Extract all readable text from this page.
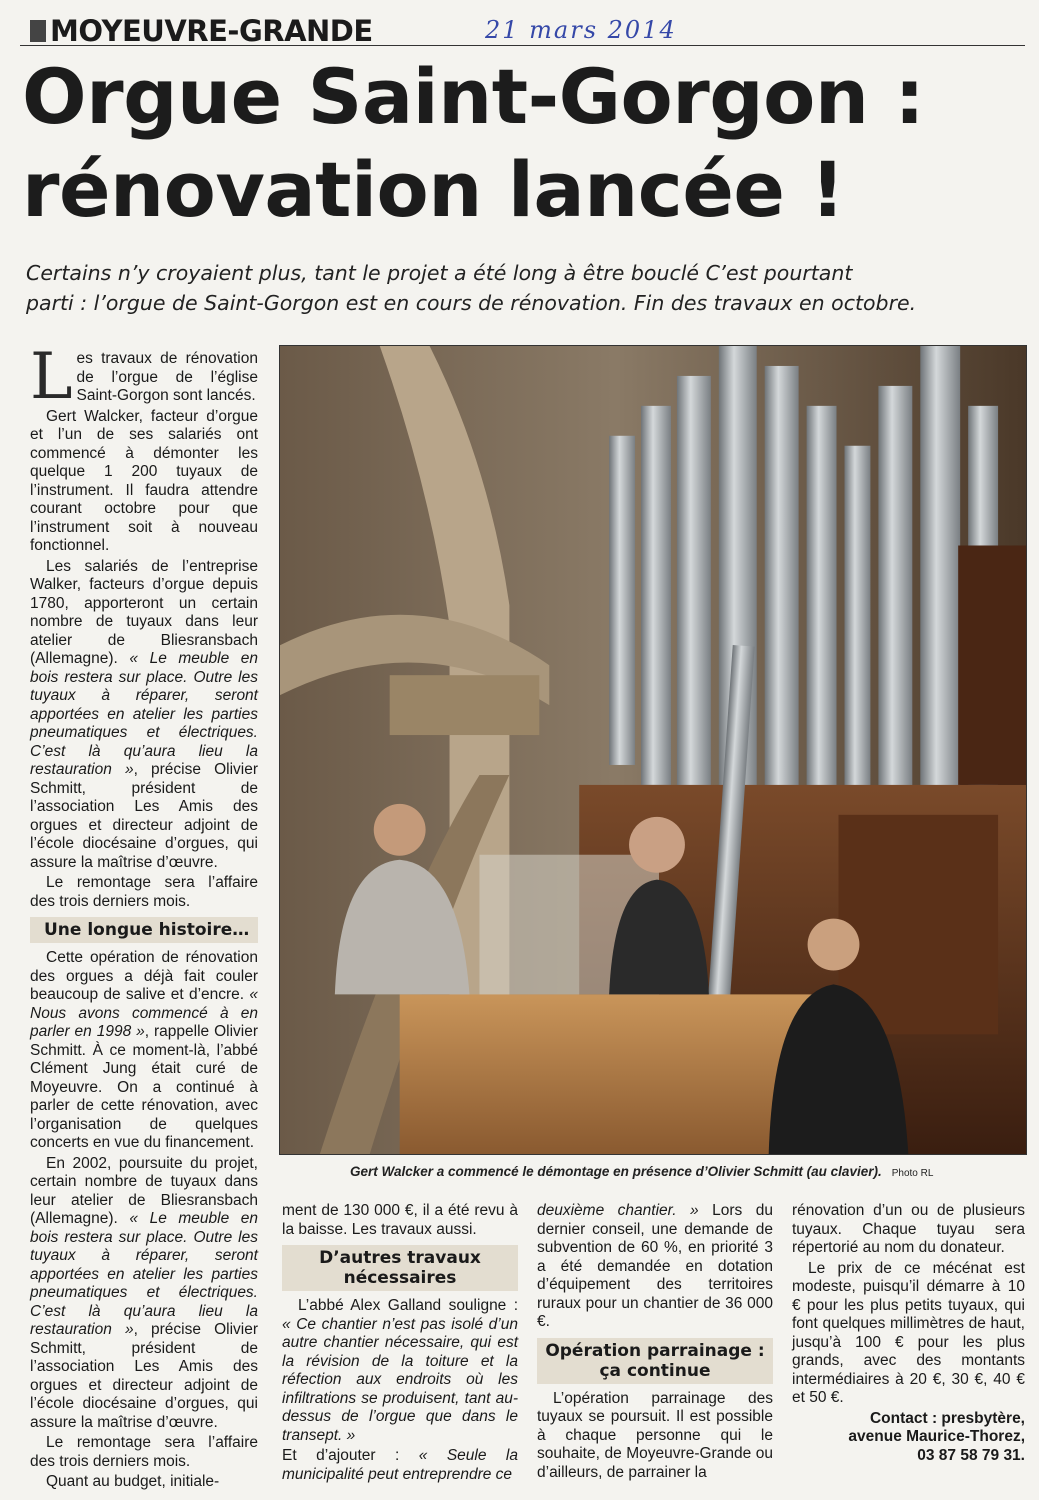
MOYEUVRE-GRANDE	21 mars 2014
Orgue Saint-Gorgon :
rénovation lancée !
Certains n’y croyaient plus, tant le projet a été long à être bouclé C’est pourtant
parti : l’orgue de Saint-Gorgon est en cours de rénovation. Fin des travaux en octobre.

Les travaux de rénovation de l’orgue de l’église Saint-Gorgon sont lancés.

Gert Walcker, facteur d’orgue et l’un de ses salariés ont commencé à démonter les quelque 1 200 tuyaux de l’instrument. Il faudra attendre courant octobre pour que l’instrument soit à nouveau fonctionnel.

Les salariés de l’entreprise Walker, facteurs d’orgue depuis 1780, apporteront un certain nombre de tuyaux dans leur atelier de Bliesransbach (Allemagne). « Le meuble en bois restera sur place. Outre les tuyaux à réparer, seront apportées en atelier les parties pneumatiques et électriques. C’est là qu’aura lieu la restauration », précise Olivier Schmitt, président de l’association Les Amis des orgues et directeur adjoint de l’école diocésaine d’orgues, qui assure la maîtrise d’œuvre.

Le remontage sera l’affaire des trois derniers mois.

Une longue histoire…

Cette opération de rénovation des orgues a déjà fait couler beaucoup de salive et d’encre. « Nous avons commencé à en parler en 1998 », rappelle Olivier Schmitt. À ce moment-là, l’abbé Clément Jung était curé de Moyeuvre. On a continué à parler de cette rénovation, avec l’organisation de quelques concerts en vue du financement.

En 2002, poursuite du projet, certain nombre de tuyaux dans leur atelier de Bliesransbach (Allemagne). « Le meuble en bois restera sur place. Outre les tuyaux à réparer, seront apportées en atelier les parties pneumatiques et électriques. C’est là qu’aura lieu la restauration », précise Olivier Schmitt, président de l’association Les Amis des orgues et directeur adjoint de l’école diocésaine d’orgues, qui assure la maîtrise d’œuvre.

Le remontage sera l’affaire des trois derniers mois.

Quant au budget, initiale-

Gert Walcker a commencé le démontage en présence d’Olivier Schmitt (au clavier). Photo RL

ment de 130 000 €, il a été revu à la baisse. Les travaux aussi.

D’autres travaux nécessaires

L’abbé Alex Galland souligne : « Ce chantier n’est pas isolé d’un autre chantier nécessaire, qui est la révision de la toiture et la réfection aux endroits où les infiltrations se produisent, tant au-dessus de l’orgue que dans le transept. »

Et d’ajouter : « Seule la municipalité peut entreprendre ce

deuxième chantier. » Lors du dernier conseil, une demande de subvention de 60 %, en priorité 3 a été demandée en dotation d’équipement des territoires ruraux pour un chantier de 36 000 €.

Opération parrainage : ça continue

L’opération parrainage des tuyaux se poursuit. Il est possible à chaque personne qui le souhaite, de Moyeuvre-Grande ou d’ailleurs, de parrainer la

rénovation d’un ou de plusieurs tuyaux. Chaque tuyau sera répertorié au nom du donateur.

Le prix de ce mécénat est modeste, puisqu’il démarre à 10 € pour les plus petits tuyaux, qui font quelques millimètres de haut, jusqu’à 100 € pour les plus grands, avec des montants intermédiaires à 20 €, 30 €, 40 € et 50 €.

Contact : presbytère,
avenue Maurice-Thorez,
03 87 58 79 31.
